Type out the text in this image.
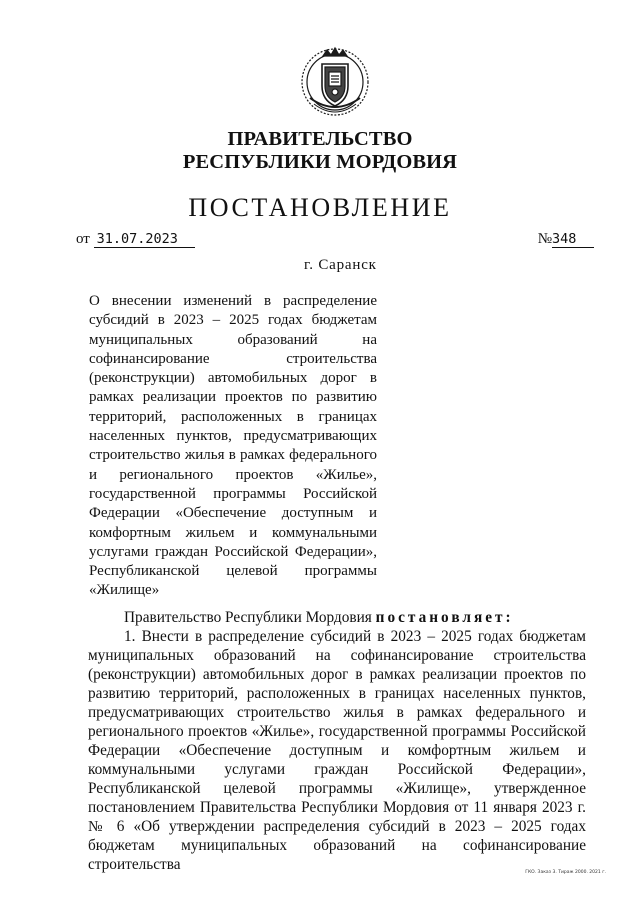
ПРАВИТЕЛЬСТВО
РЕСПУБЛИКИ МОРДОВИЯ
ПОСТАНОВЛЕНИЕ
от 31.07.2023	№348
г. Саранск
О внесении изменений в распределение субсидий в 2023 – 2025 годах бюджетам муниципальных образований на софинансирование строительства (реконструкции) автомобильных дорог в рамках реализации проектов по развитию территорий, расположенных в границах населенных пунктов, предусматривающих строительство жилья в рамках федерального и регионального проектов «Жилье», государственной программы Российской Федерации «Обеспечение доступным и комфортным жильем и коммунальными услугами граждан Российской Федерации», Республиканской целевой программы «Жилище»

Правительство Республики Мордовия постановляет:

1. Внести в распределение субсидий в 2023 – 2025 годах бюджетам муниципальных образований на софинансирование строительства (реконструкции) автомобильных дорог в рамках реализации проектов по развитию территорий, расположенных в границах населенных пунктов, предусматривающих строительство жилья в рамках федерального и регионального проектов «Жилье», государственной программы Российской Федерации «Обеспечение доступным и комфортным жильем и коммунальными услугами граждан Российской Федерации», Республиканской целевой программы «Жилище», утвержденное постановлением Правительства Республики Мордовия от 11 января 2023 г. № 6 «Об утверждении распределения субсидий в 2023 – 2025 годах бюджетам муниципальных образований на софинансирование строительства	ГКО. Заказ 3. Тираж 2000. 2021 г.
